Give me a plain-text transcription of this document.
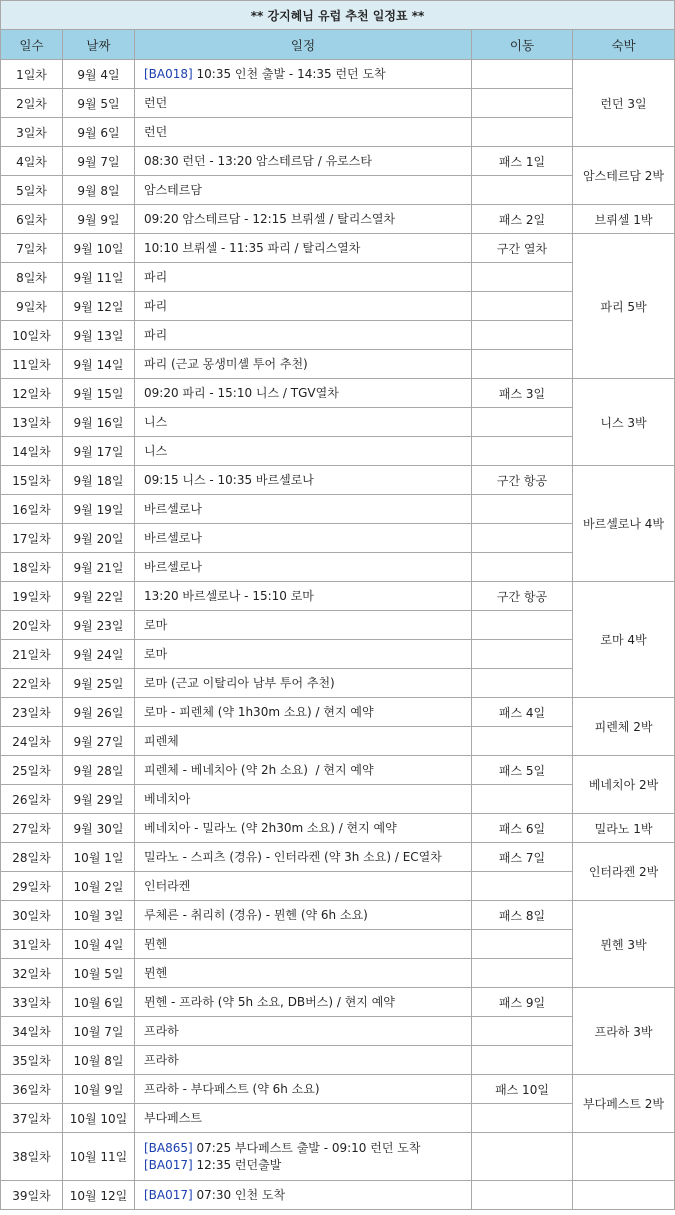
** 강지혜님 유럽 추천 일정표 **				
일수	날짜	일정	이동	숙박
1일차	9월 4일	[BA018] 10:35 인천 출발 - 14:35 런던 도착		런던 3일
2일차	9월 5일	런던		

3일차	9월 6일	런던		

4일차	9월 7일	08:30 런던 - 13:20 암스테르담 / 유로스타	패스 1일	암스테르담 2박
5일차	9월 8일	암스테르담		

6일차	9월 9일	09:20 암스테르담 - 12:15 브뤼셀 / 탈리스열차	패스 2일	브뤼셀 1박
7일차	9월 10일	10:10 브뤼셀 - 11:35 파리 / 탈리스열차	구간 열차	파리 5박
8일차	9월 11일	파리		

9일차	9월 12일	파리		

10일차	9월 13일	파리		

11일차	9월 14일	파리 (근교 몽생미셸 투어 추천)		

12일차	9월 15일	09:20 파리 - 15:10 니스 / TGV열차	패스 3일	니스 3박
13일차	9월 16일	니스		

14일차	9월 17일	니스		

15일차	9월 18일	09:15 니스 - 10:35 바르셀로나	구간 항공	바르셀로나 4박
16일차	9월 19일	바르셀로나		

17일차	9월 20일	바르셀로나		

18일차	9월 21일	바르셀로나		

19일차	9월 22일	13:20 바르셀로나 - 15:10 로마	구간 항공	로마 4박
20일차	9월 23일	로마		

21일차	9월 24일	로마		

22일차	9월 25일	로마 (근교 이탈리아 남부 투어 추천)		

23일차	9월 26일	로마 - 피렌체 (약 1h30m 소요) / 현지 예약	패스 4일	피렌체 2박
24일차	9월 27일	피렌체		

25일차	9월 28일	피렌체 - 베네치아 (약 2h 소요)  / 현지 예약	패스 5일	베네치아 2박
26일차	9월 29일	베네치아		

27일차	9월 30일	베네치아 - 밀라노 (약 2h30m 소요) / 현지 예약	패스 6일	밀라노 1박
28일차	10월 1일	밀라노 - 스피츠 (경유) - 인터라켄 (약 3h 소요) / EC열차	패스 7일	인터라켄 2박
29일차	10월 2일	인터라켄		

30일차	10월 3일	루체른 - 취리히 (경유) - 뮌헨 (약 6h 소요)	패스 8일	뮌헨 3박
31일차	10월 4일	뮌헨		

32일차	10월 5일	뮌헨		

33일차	10월 6일	뮌헨 - 프라하 (약 5h 소요, DB버스) / 현지 예약	패스 9일	프라하 3박
34일차	10월 7일	프라하		

35일차	10월 8일	프라하		

36일차	10월 9일	프라하 - 부다페스트 (약 6h 소요)	패스 10일	부다페스트 2박
37일차	10월 10일	부다페스트		

38일차	10월 11일	[BA865] 07:25 부다페스트 출발 - 09:10 런던 도착
[BA017] 12:35 런던출발		

39일차	10월 12일	[BA017] 07:30 인천 도착		
